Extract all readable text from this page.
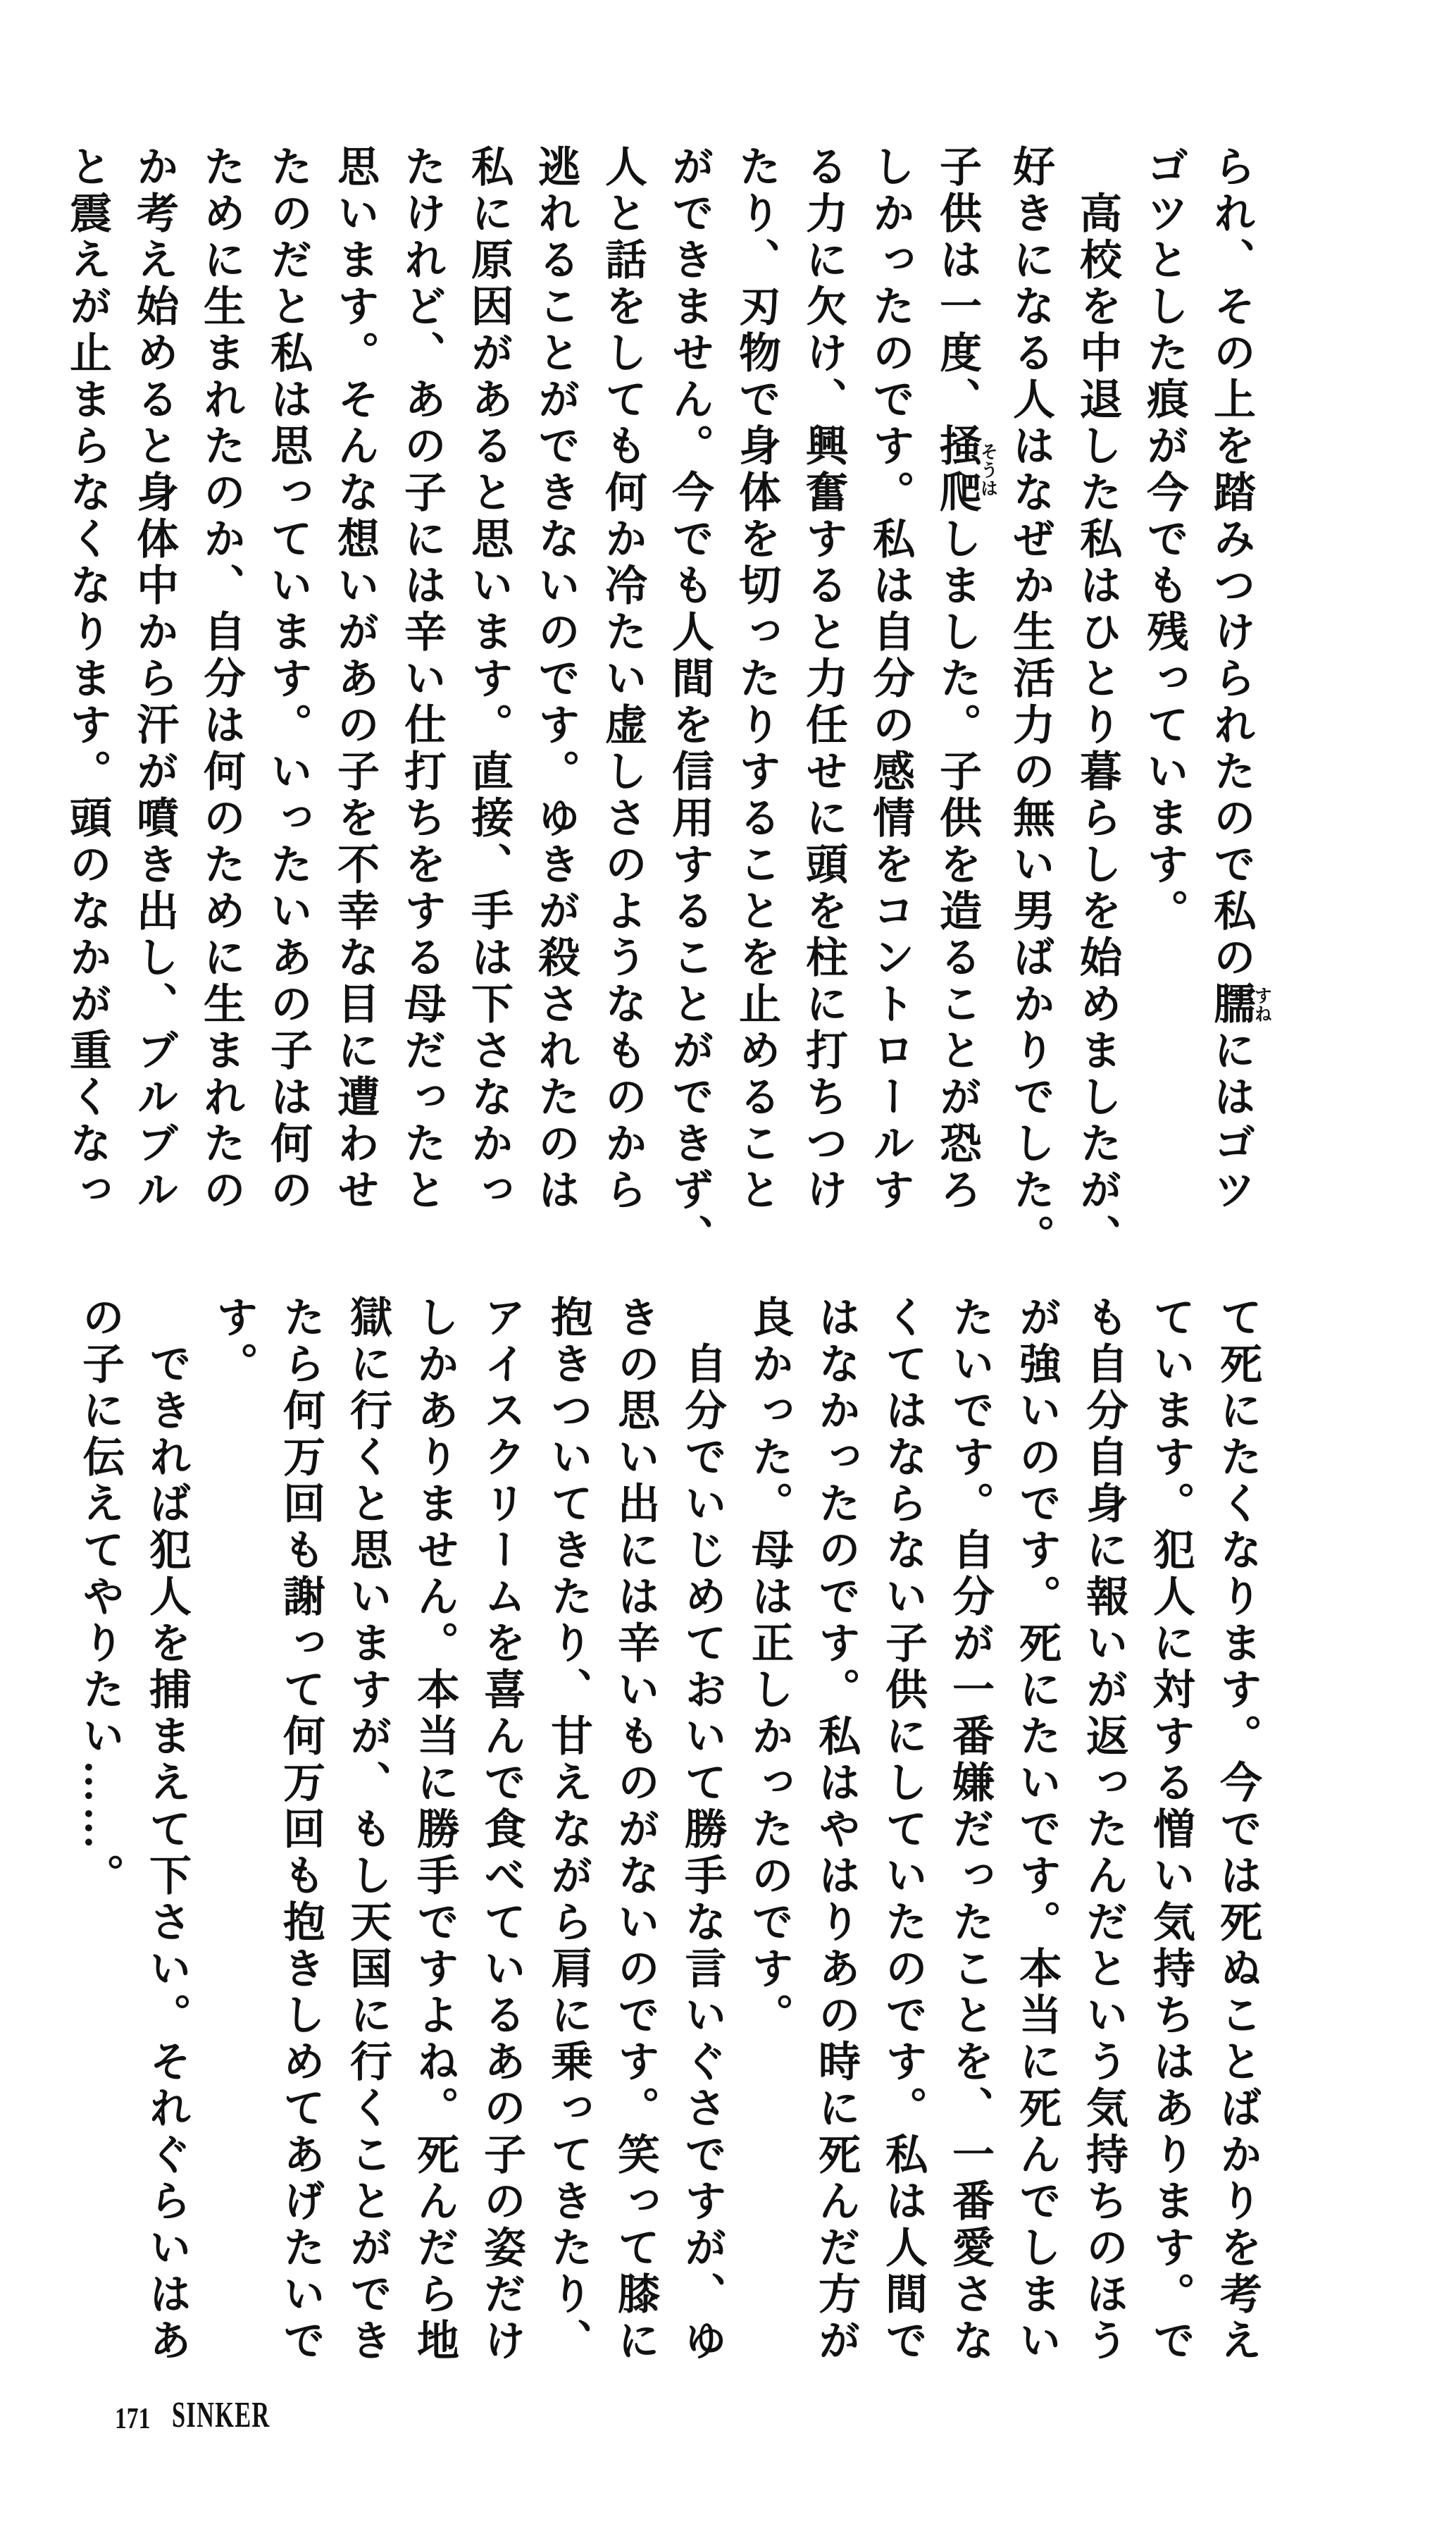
られ、その上を踏みつけられたので私の臑すねにはゴツ
ゴツとした痕が今でも残っています。
　高校を中退した私はひとり暮らしを始めましたが、
好きになる人はなぜか生活力の無い男ばかりでした。
子供は一度、掻爬そうはしました。子供を造ることが恐ろ
しかったのです。私は自分の感情をコントロールす
る力に欠け、興奮すると力任せに頭を柱に打ちつけ
たり、刃物で身体を切ったりすることを止めること
ができません。今でも人間を信用することができず、
人と話をしても何か冷たい虚しさのようなものから
逃れることができないのです。ゆきが殺されたのは
私に原因があると思います。直接、手は下さなかっ
たけれど、あの子には辛い仕打ちをする母だったと
思います。そんな想いがあの子を不幸な目に遭わせ
たのだと私は思っています。いったいあの子は何の
ために生まれたのか、自分は何のために生まれたの
か考え始めると身体中から汗が噴き出し、ブルブル
と震えが止まらなくなります。頭のなかが重くなっ
て死にたくなります。今では死ぬことばかりを考え
ています。犯人に対する憎い気持ちはあります。で
も自分自身に報いが返ったんだという気持ちのほう
が強いのです。死にたいです。本当に死んでしまい
たいです。自分が一番嫌だったことを、一番愛さな
くてはならない子供にしていたのです。私は人間で
はなかったのです。私はやはりあの時に死んだ方が
良かった。母は正しかったのです。
　自分でいじめておいて勝手な言いぐさですが、ゆ
きの思い出には辛いものがないのです。笑って膝に
抱きついてきたり、甘えながら肩に乗ってきたり、
アイスクリームを喜んで食べているあの子の姿だけ
しかありません。本当に勝手ですよね。死んだら地
獄に行くと思いますが、もし天国に行くことができ
たら何万回も謝って何万回も抱きしめてあげたいで
す。
　できれば犯人を捕まえて下さい。それぐらいはあ
の子に伝えてやりたい……。
171 SINKER
